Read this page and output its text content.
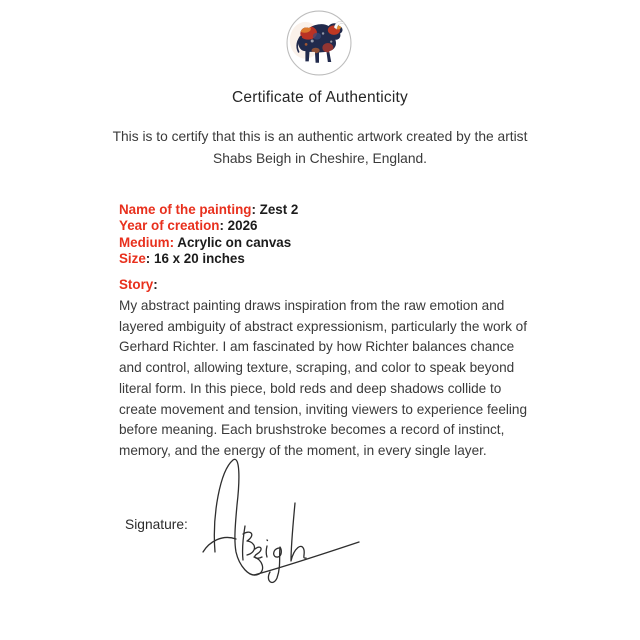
Certificate of Authenticity
This is to certify that this is an authentic artwork created by the artist
Shabs Beigh in Cheshire, England.
Name of the painting: Zest 2
Year of creation: 2026
Medium: Acrylic on canvas
Size: 16 x 20 inches
Story:
My abstract painting draws inspiration from the raw emotion and layered ambiguity of abstract expressionism, particularly the work of Gerhard Richter. I am fascinated by how Richter balances chance and control, allowing texture, scraping, and color to speak beyond literal form. In this piece, bold reds and deep shadows collide to create movement and tension, inviting viewers to experience feeling before meaning. Each brushstroke becomes a record of instinct, memory, and the energy of the moment, in every single layer.
Signature:
